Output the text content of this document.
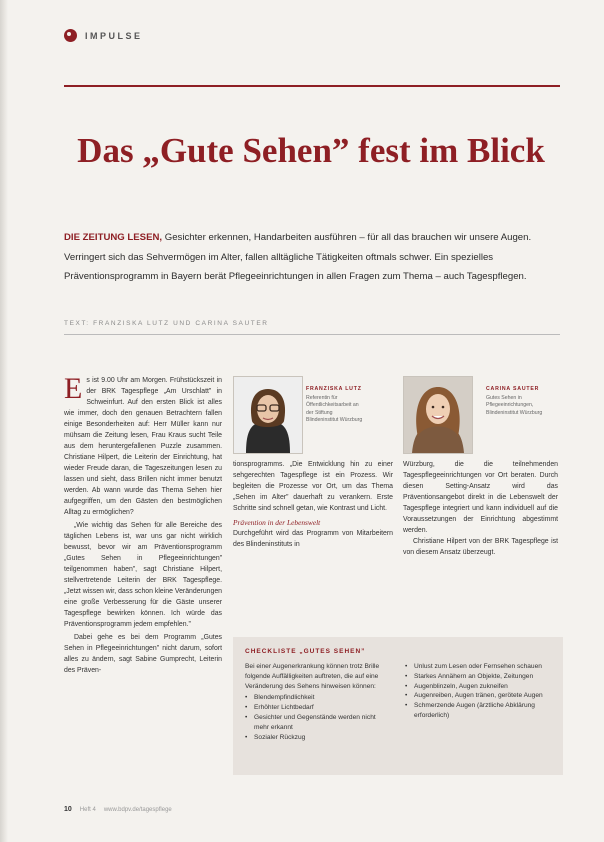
IMPULSE
Das „Gute Sehen” fest im Blick
DIE ZEITUNG LESEN, Gesichter erkennen, Handarbeiten ausführen – für all das brauchen wir unsere Augen. Verringert sich das Sehvermögen im Alter, fallen alltägliche Tätigkeiten oftmals schwer. Ein spezielles Präventionsprogramm in Bayern berät Pflegeeinrichtungen in allen Fragen zum Thema – auch Tagespflegen.
TEXT: FRANZISKA LUTZ UND CARINA SAUTER

Es ist 9.00 Uhr am Morgen. Frühstückszeit in der BRK Tagespflege „Am Urschlatt” in Schweinfurt. Auf den ersten Blick ist alles wie immer, doch den genauen Betrachtern fallen einige Besonderheiten auf: Herr Müller kann nur mühsam die Zeitung lesen, Frau Kraus sucht Teile aus dem heruntergefallenen Puzzle zusammen. Christiane Hilpert, die Leiterin der Einrichtung, hat wieder Freude daran, die Tageszeitungen lesen zu lassen und sieht, dass Brillen nicht immer benutzt werden. Ab wann wurde das Thema Sehen hier aufgegriffen, um den Gästen den bestmöglichen Alltag zu ermöglichen?

„Wie wichtig das Sehen für alle Bereiche des täglichen Lebens ist, war uns gar nicht wirklich bewusst, bevor wir am Präventionsprogramm „Gutes Sehen in Pflegeeinrichtungen” teilgenommen haben”, sagt Christiane Hilpert, stellvertretende Leiterin der BRK Tagespflege. „Jetzt wissen wir, dass schon kleine Veränderungen eine große Verbesserung für die Gäste unserer Tagespflege bewirken können. Ich würde das Präventionsprogramm jedem empfehlen.”

Dabei gehe es bei dem Programm „Gutes Sehen in Pflegeeinrichtungen” nicht darum, sofort alles zu ändern, sagt Sabine Gumprecht, Leiterin des Präven-

FRANZISKA LUTZ
Referentin für Öffentlichkeitsarbeit an der Stiftung Blindeninstitut Würzburg
CARINA SAUTER
Gutes Sehen in Pflegeeinrichtungen, Blindeninstitut Würzburg

tionsprogramms. „Die Entwicklung hin zu einer sehgerechten Tagespflege ist ein Prozess. Wir begleiten die Prozesse vor Ort, um das Thema „Sehen im Alter” dauerhaft zu verankern. Erste Schritte sind schnell getan, wie Kontrast und Licht.

Prävention in der Lebenswelt

Durchgeführt wird das Programm von Mitarbeitern des Blindeninstituts in

Würzburg, die die teilnehmenden Tagespflegeeinrichtungen vor Ort beraten. Durch diesen Setting-Ansatz wird das Präventionsangebot direkt in die Lebenswelt der Tagespflege integriert und kann individuell auf die Voraussetzungen der Einrichtung abgestimmt werden.

Christiane Hilpert von der BRK Tagespflege ist von diesem Ansatz überzeugt.

CHECKLISTE „GUTES SEHEN”
Bei einer Augenerkrankung können trotz Brille folgende Auffälligkeiten auftreten, die auf eine Veränderung des Sehens hinweisen können:
• Blendempfindlichkeit
• Erhöhter Lichtbedarf
• Gesichter und Gegenstände werden nicht mehr erkannt
• Sozialer Rückzug
• Unlust zum Lesen oder Fernsehen schauen
• Starkes Annähern an Objekte, Zeitungen
• Augenblinzeln, Augen zukneifen
• Augenreiben, Augen tränen, gerötete Augen
• Schmerzende Augen (ärztliche Abklärung erforderlich)
10 Heft 4 www.bdpv.de/tagespflege
